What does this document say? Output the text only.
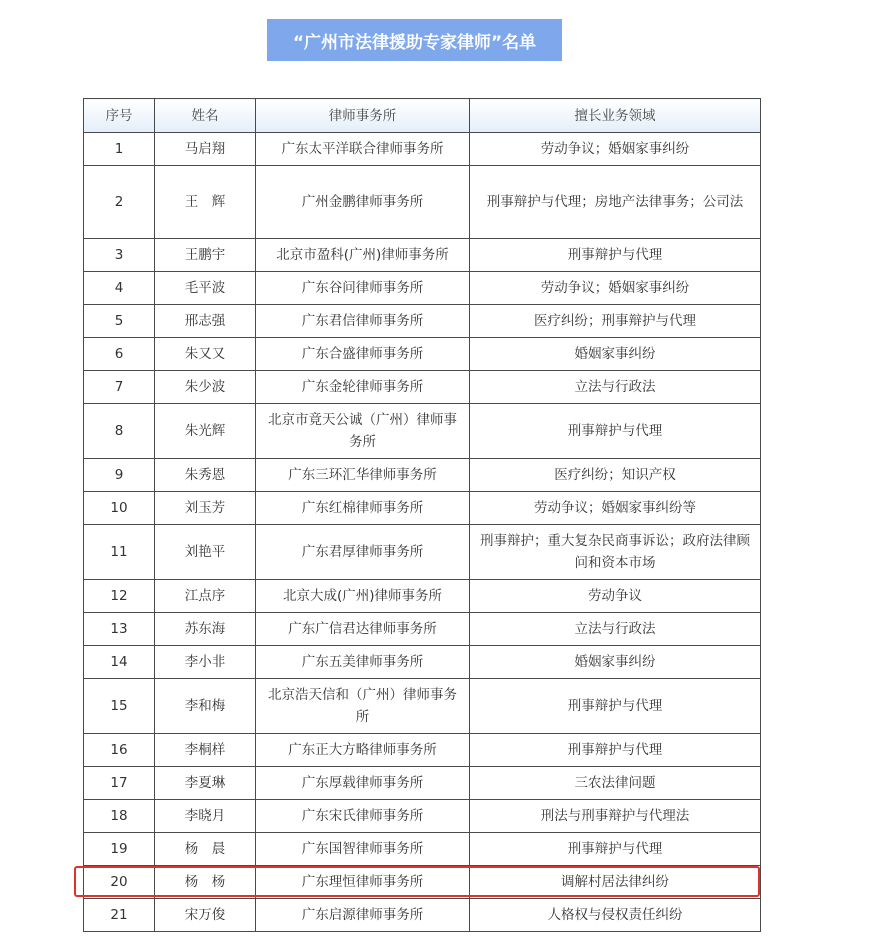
“广州市法律援助专家律师”名单
序号	姓名	律师事务所	擅长业务领域
1	马启翔	广东太平洋联合律师事务所	劳动争议；婚姻家事纠纷
2	王　辉	广州金鹏律师事务所	刑事辩护与代理；房地产法律事务；公司法
3	王鹏宇	北京市盈科(广州)律师事务所	刑事辩护与代理
4	毛平波	广东谷问律师事务所	劳动争议；婚姻家事纠纷
5	邢志强	广东君信律师事务所	医疗纠纷；刑事辩护与代理
6	朱又又	广东合盛律师事务所	婚姻家事纠纷
7	朱少波	广东金轮律师事务所	立法与行政法
8	朱光辉	北京市竟天公诚（广州）律师事务所	刑事辩护与代理
9	朱秀恩	广东三环汇华律师事务所	医疗纠纷；知识产权
10	刘玉芳	广东红棉律师事务所	劳动争议；婚姻家事纠纷等
11	刘艳平	广东君厚律师事务所	刑事辩护；重大复杂民商事诉讼；政府法律顾问和资本市场
12	江点序	北京大成(广州)律师事务所	劳动争议
13	苏东海	广东广信君达律师事务所	立法与行政法
14	李小非	广东五美律师事务所	婚姻家事纠纷
15	李和梅	北京浩天信和（广州）律师事务所	刑事辩护与代理
16	李桐样	广东正大方略律师事务所	刑事辩护与代理
17	李夏琳	广东厚载律师事务所	三农法律问题
18	李晓月	广东宋氏律师事务所	刑法与刑事辩护与代理法
19	杨　晨	广东国智律师事务所	刑事辩护与代理
20	杨　杨	广东理恒律师事务所	调解村居法律纠纷
21	宋万俊	广东启源律师事务所	人格权与侵权责任纠纷
